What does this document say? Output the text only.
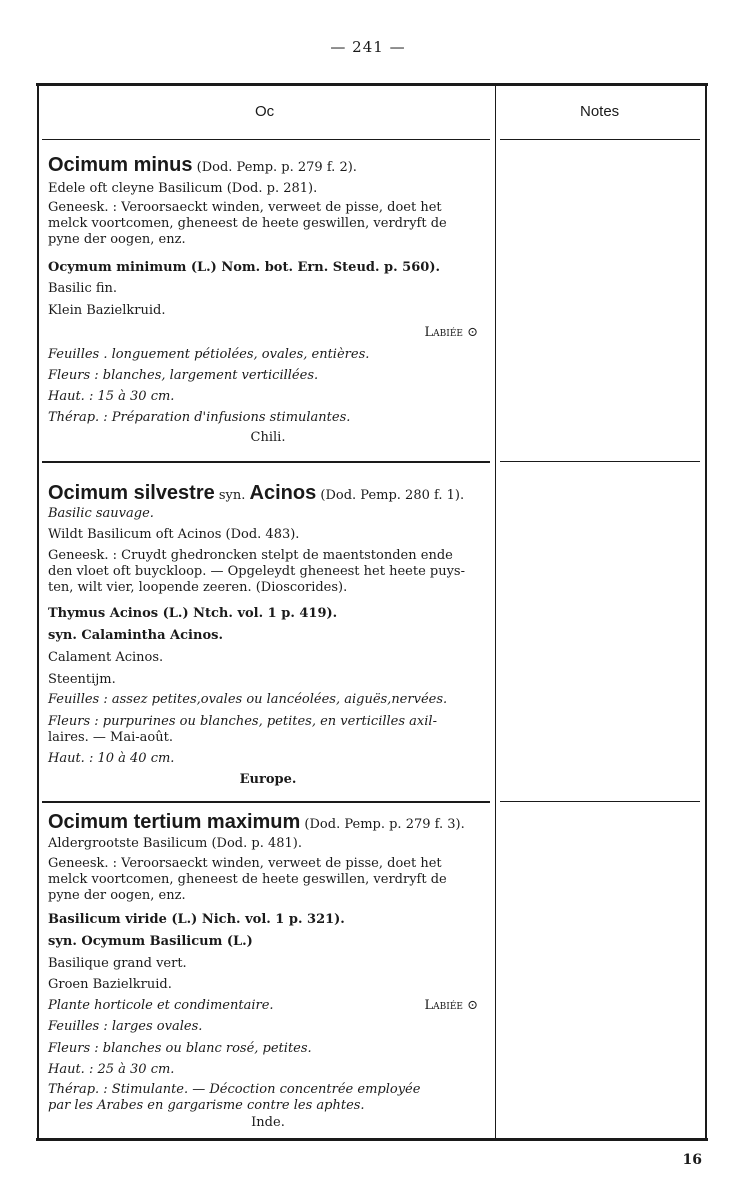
— 241 —
Oc	Notes
Ocimum minus (Dod. Pemp. p. 279 f. 2).
Edele oft cleyne Basilicum (Dod. p. 281).
Geneesk. : Veroorsaeckt winden, verweet de pisse, doet het
melck voortcomen, gheneest de heete geswillen, verdryft de
pyne der oogen, enz.
Ocymum minimum (L.) Nom. bot. Ern. Steud. p. 560).
Basilic fin.
Klein Bazielkruid.
Labiée ⊙
Feuilles . longuement pétiolées, ovales, entières.
Fleurs : blanches, largement verticillées.
Haut. : 15 à 30 cm.
Thérap. : Préparation d'infusions stimulantes.
Chili.
Ocimum silvestre syn. Acinos (Dod. Pemp. 280 f. 1).
Basilic sauvage.
Wildt Basilicum oft Acinos (Dod. 483).
Geneesk. : Cruydt ghedroncken stelpt de maentstonden ende
den vloet oft buyckloop. — Opgeleydt gheneest het heete puys-
ten, wilt vier, loopende zeeren. (Dioscorides).
Thymus Acinos (L.) Ntch. vol. 1 p. 419).
syn. Calamintha Acinos.
Calament Acinos.
Steentijm.
Feuilles : assez petites,ovales ou lancéolées, aiguës,nervées.
Fleurs : purpurines ou blanches, petites, en verticilles axil-
laires. — Mai-août.
Haut. : 10 à 40 cm.
Europe.
Ocimum tertium maximum (Dod. Pemp. p. 279 f. 3).
Aldergrootste Basilicum (Dod. p. 481).
Geneesk. : Veroorsaeckt winden, verweet de pisse, doet het
melck voortcomen, gheneest de heete geswillen, verdryft de
pyne der oogen, enz.
Basilicum viride (L.) Nich. vol. 1 p. 321).
syn. Ocymum Basilicum (L.)
Basilique grand vert.
Groen Bazielkruid.
Plante horticole et condimentaire.	Labiée ⊙
Feuilles : larges ovales.
Fleurs : blanches ou blanc rosé, petites.
Haut. : 25 à 30 cm.
Thérap. : Stimulante. — Décoction concentrée employée
par les Arabes en gargarisme contre les aphtes.
Inde.
16
